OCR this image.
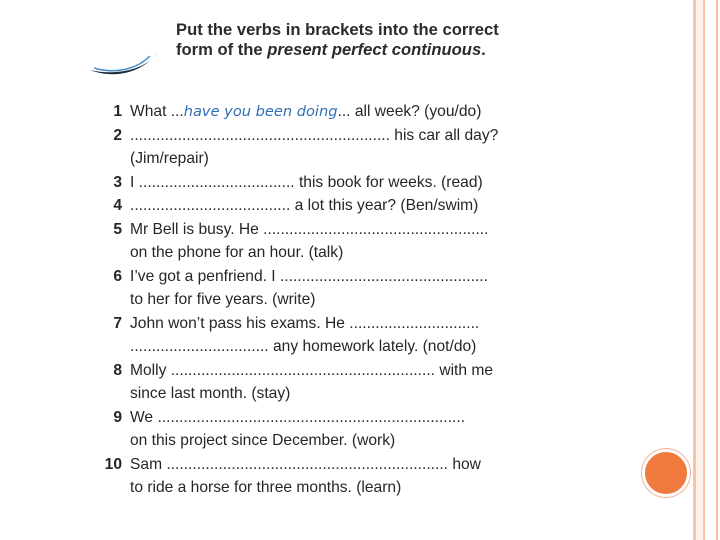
Put the verbs in brackets into the correct form of the present perfect continuous.
1 What ...have you been doing... all week? (you/do)
2 ............................................................ his car all day?
(Jim/repair)
3 I .................................... this book for weeks. (read)
4 ..................................... a lot this year? (Ben/swim)
5 Mr Bell is busy. He ....................................................
on the phone for an hour. (talk)
6 I’ve got a penfriend. I ................................................
to her for five years. (write)
7 John won’t pass his exams. He ..............................
................................ any homework lately. (not/do)
8 Molly ............................................................. with me
since last month. (stay)
9 We .......................................................................
on this project since December. (work)
10 Sam ................................................................. how
to ride a horse for three months. (learn)
